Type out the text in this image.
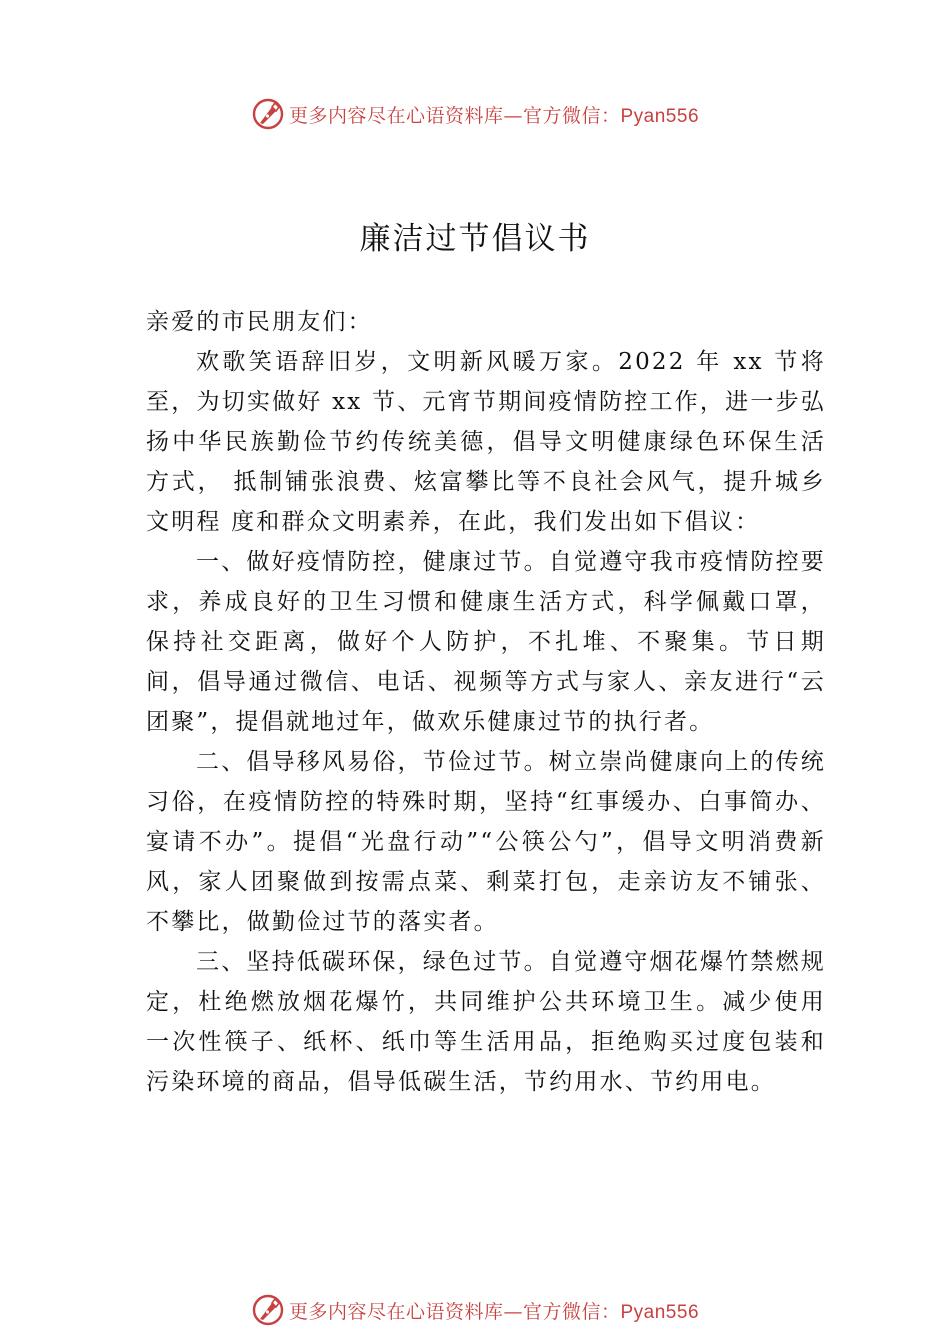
更多内容尽在心语资料库—官方微信：Pyan556
廉洁过节倡议书

亲爱的市民朋友们：

欢歌笑语辞旧岁，文明新风暖万家。2022 年 xx 节将至，为切实做好 xx 节、元宵节期间疫情防控工作，进一步弘扬中华民族勤俭节约传统美德，倡导文明健康绿色环保生活方式， 抵制铺张浪费、炫富攀比等不良社会风气，提升城乡文明程 度和群众文明素养，在此，我们发出如下倡议：

一、做好疫情防控，健康过节。自觉遵守我市疫情防控要求，养成良好的卫生习惯和健康生活方式，科学佩戴口罩，保持社交距离，做好个人防护，不扎堆、不聚集。节日期间，倡导通过微信、电话、视频等方式与家人、亲友进行“云团聚”，提倡就地过年，做欢乐健康过节的执行者。

二、倡导移风易俗，节俭过节。树立崇尚健康向上的传统习俗，在疫情防控的特殊时期，坚持“红事缓办、白事简办、宴请不办”。提倡“光盘行动”“公筷公勺”，倡导文明消费新风，家人团聚做到按需点菜、剩菜打包，走亲访友不铺张、不攀比，做勤俭过节的落实者。

三、坚持低碳环保，绿色过节。自觉遵守烟花爆竹禁燃规定，杜绝燃放烟花爆竹，共同维护公共环境卫生。减少使用一次性筷子、纸杯、纸巾等生活用品，拒绝购买过度包装和污染环境的商品，倡导低碳生活，节约用水、节约用电。

更多内容尽在心语资料库—官方微信：Pyan556
